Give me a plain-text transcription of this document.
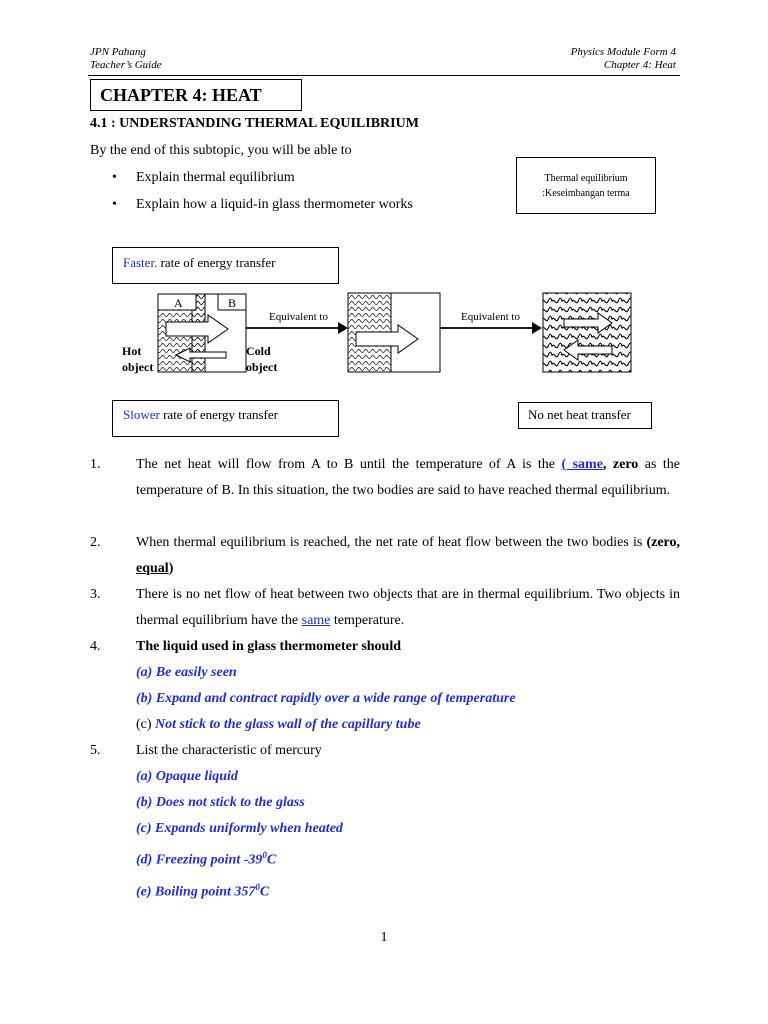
JPN Pahang
Teacher’s Guide
Physics Module Form 4
Chapter 4: Heat
CHAPTER 4: HEAT
4.1 : UNDERSTANDING THERMAL EQUILIBRIUM
By the end of this subtopic, you will be able to
• Explain thermal equilibrium
• Explain how a liquid-in glass thermometer works
Thermal equilibrium
:Keseimbangan terma
Faster. rate of energy transfer
A	B
Equivalent to	Equivalent to
Hot
object
Cold
object
Slower rate of energy transfer	No net heat transfer
1.	The net heat will flow from A to B until the temperature of A is the ( same, zero as the temperature of B. In this situation, the two bodies are said to have reached thermal equilibrium.
2.	When thermal equilibrium is reached, the net rate of heat flow between the two bodies is (zero, equal)
3.	There is no net flow of heat between two objects that are in thermal equilibrium. Two objects in thermal equilibrium have the same temperature.
4.	The liquid used in glass thermometer should
(a) Be easily seen
(b) Expand and contract rapidly over a wide range of temperature
(c) Not stick to the glass wall of the capillary tube
5.	List the characteristic of mercury
(a) Opaque liquid
(b) Does not stick to the glass
(c) Expands uniformly when heated
(d) Freezing point $-39^0C$
(e) Boiling point $357^0C$
1
